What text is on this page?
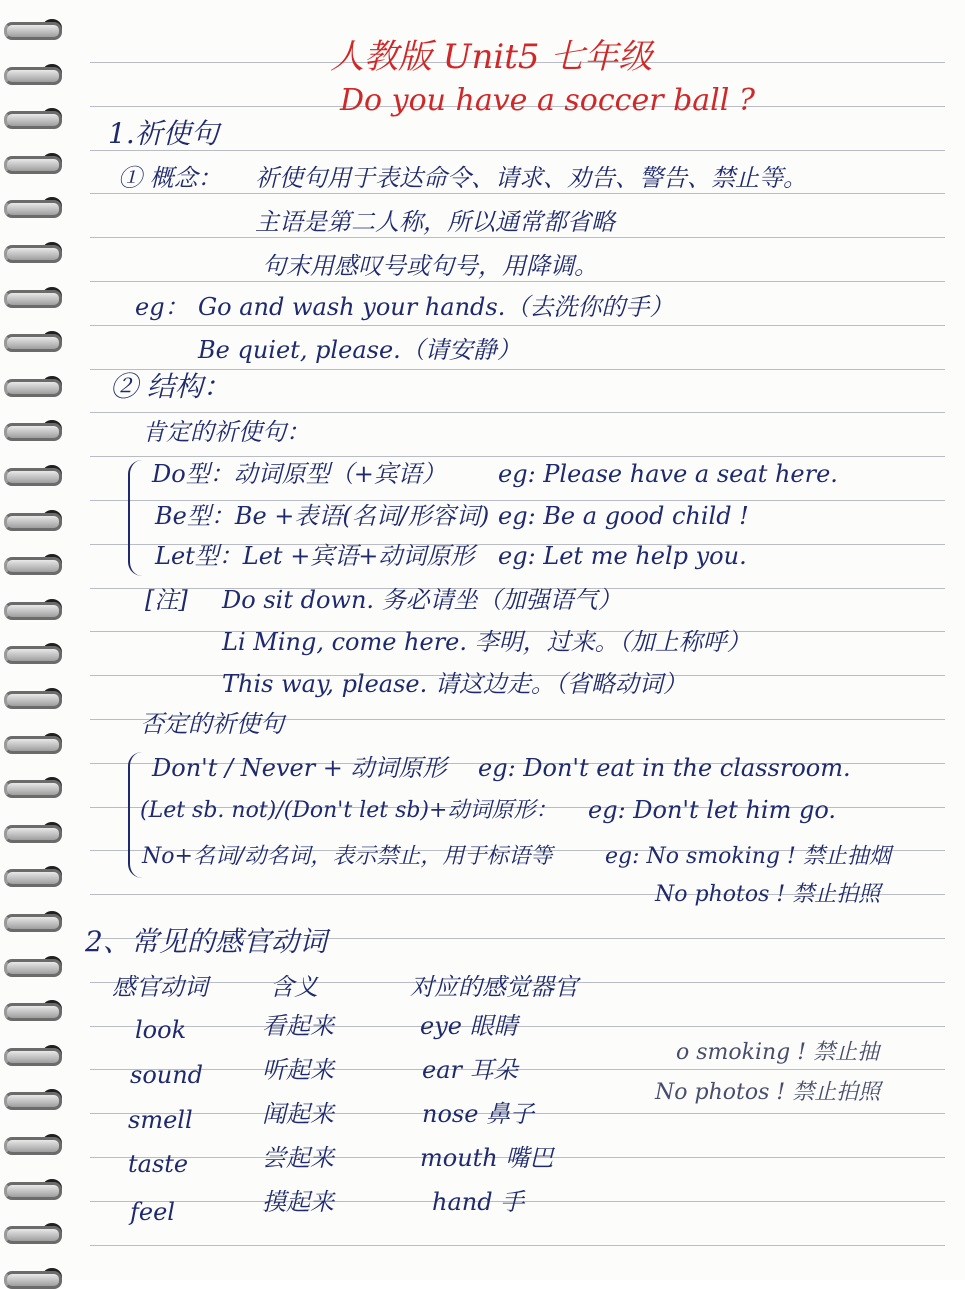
人教版 Unit5 七年级
Do you have a soccer ball ?
1.祈使句
① 概念： 祈使句用于表达命令、请求、劝告、警告、禁止等。
主语是第二人称，所以通常都省略
句末用感叹号或句号，用降调。
eg： Go and wash your hands.（去洗你的手）
Be quiet, please.（请安静）
② 结构：
肯定的祈使句：
Do型：动词原型（+宾语） eg: Please have a seat here.
Be型：Be +表语(名词/形容词) eg: Be a good child !
Let型：Let +宾语+动词原形 eg: Let me help you.
[注] Do sit down. 务必请坐（加强语气）
Li Ming, come here. 李明，过来。（加上称呼）
This way, please. 请这边走。（省略动词）
否定的祈使句
Don't / Never + 动词原形 eg: Don't eat in the classroom.
(Let sb. not)/(Don't let sb)+动词原形： eg: Don't let him go.
No+名词/动名词，表示禁止，用于标语等 eg: No smoking ! 禁止抽烟
No photos ! 禁止拍照
2、常见的感官动词
感官动词	含义	对应的感觉器官
look	看起来	eye 眼睛
sound 听起来	ear 耳朵
smell	闻起来	nose 鼻子
taste	尝起来	mouth 嘴巴
feel	摸起来	hand 手
o smoking ! 禁止抽
No photos ! 禁止拍照
